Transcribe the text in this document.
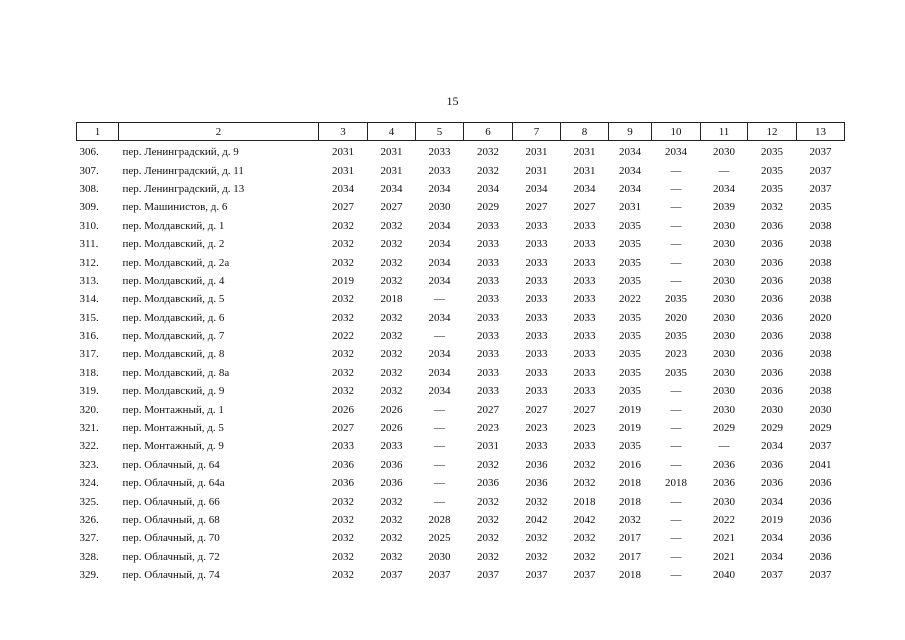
15
1	2	3	4	5	6	7	8	9	10	11	12	13
306.	пер. Ленинградский, д. 9	2031	2031	2033	2032	2031	2031	2034	2034	2030	2035	2037
307.	пер. Ленинградский, д. 11	2031	2031	2033	2032	2031	2031	2034	—	—	2035	2037
308.	пер. Ленинградский, д. 13	2034	2034	2034	2034	2034	2034	2034	—	2034	2035	2037
309.	пер. Машинистов, д. 6	2027	2027	2030	2029	2027	2027	2031	—	2039	2032	2035
310.	пер. Молдавский, д. 1	2032	2032	2034	2033	2033	2033	2035	—	2030	2036	2038
311.	пер. Молдавский, д. 2	2032	2032	2034	2033	2033	2033	2035	—	2030	2036	2038
312.	пер. Молдавский, д. 2а	2032	2032	2034	2033	2033	2033	2035	—	2030	2036	2038
313.	пер. Молдавский, д. 4	2019	2032	2034	2033	2033	2033	2035	—	2030	2036	2038
314.	пер. Молдавский, д. 5	2032	2018	—	2033	2033	2033	2022	2035	2030	2036	2038
315.	пер. Молдавский, д. 6	2032	2032	2034	2033	2033	2033	2035	2020	2030	2036	2020
316.	пер. Молдавский, д. 7	2022	2032	—	2033	2033	2033	2035	2035	2030	2036	2038
317.	пер. Молдавский, д. 8	2032	2032	2034	2033	2033	2033	2035	2023	2030	2036	2038
318.	пер. Молдавский, д. 8а	2032	2032	2034	2033	2033	2033	2035	2035	2030	2036	2038
319.	пер. Молдавский, д. 9	2032	2032	2034	2033	2033	2033	2035	—	2030	2036	2038
320.	пер. Монтажный, д. 1	2026	2026	—	2027	2027	2027	2019	—	2030	2030	2030
321.	пер. Монтажный, д. 5	2027	2026	—	2023	2023	2023	2019	—	2029	2029	2029
322.	пер. Монтажный, д. 9	2033	2033	—	2031	2033	2033	2035	—	—	2034	2037
323.	пер. Облачный, д. 64	2036	2036	—	2032	2036	2032	2016	—	2036	2036	2041
324.	пер. Облачный, д. 64а	2036	2036	—	2036	2036	2032	2018	2018	2036	2036	2036
325.	пер. Облачный, д. 66	2032	2032	—	2032	2032	2018	2018	—	2030	2034	2036
326.	пер. Облачный, д. 68	2032	2032	2028	2032	2042	2042	2032	—	2022	2019	2036
327.	пер. Облачный, д. 70	2032	2032	2025	2032	2032	2032	2017	—	2021	2034	2036
328.	пер. Облачный, д. 72	2032	2032	2030	2032	2032	2032	2017	—	2021	2034	2036
329.	пер. Облачный, д. 74	2032	2037	2037	2037	2037	2037	2018	—	2040	2037	2037
